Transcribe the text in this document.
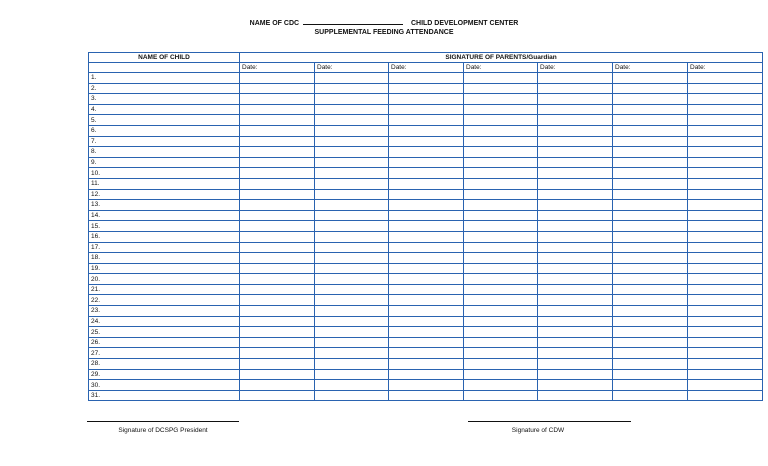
NAME OF CDC	CHILD DEVELOPMENT CENTER
SUPPLEMENTAL FEEDING ATTENDANCE
NAME OF CHILD	SIGNATURE OF PARENTS/Guardian						
	Date:	Date:	Date:	Date:	Date:	Date:	Date:
1.							
2.							
3.							
4.							
5.							
6.							
7.							
8.							
9.							
10.							
11.							
12.							
13.							
14.							
15.							
16.							
17.							
18.							
19.							
20.							
21.							
22.							
23.							
24.							
25.							
26.							
27.							
28.							
29.							
30.							
31.							
Signature of DCSPG President	Signature of CDW
